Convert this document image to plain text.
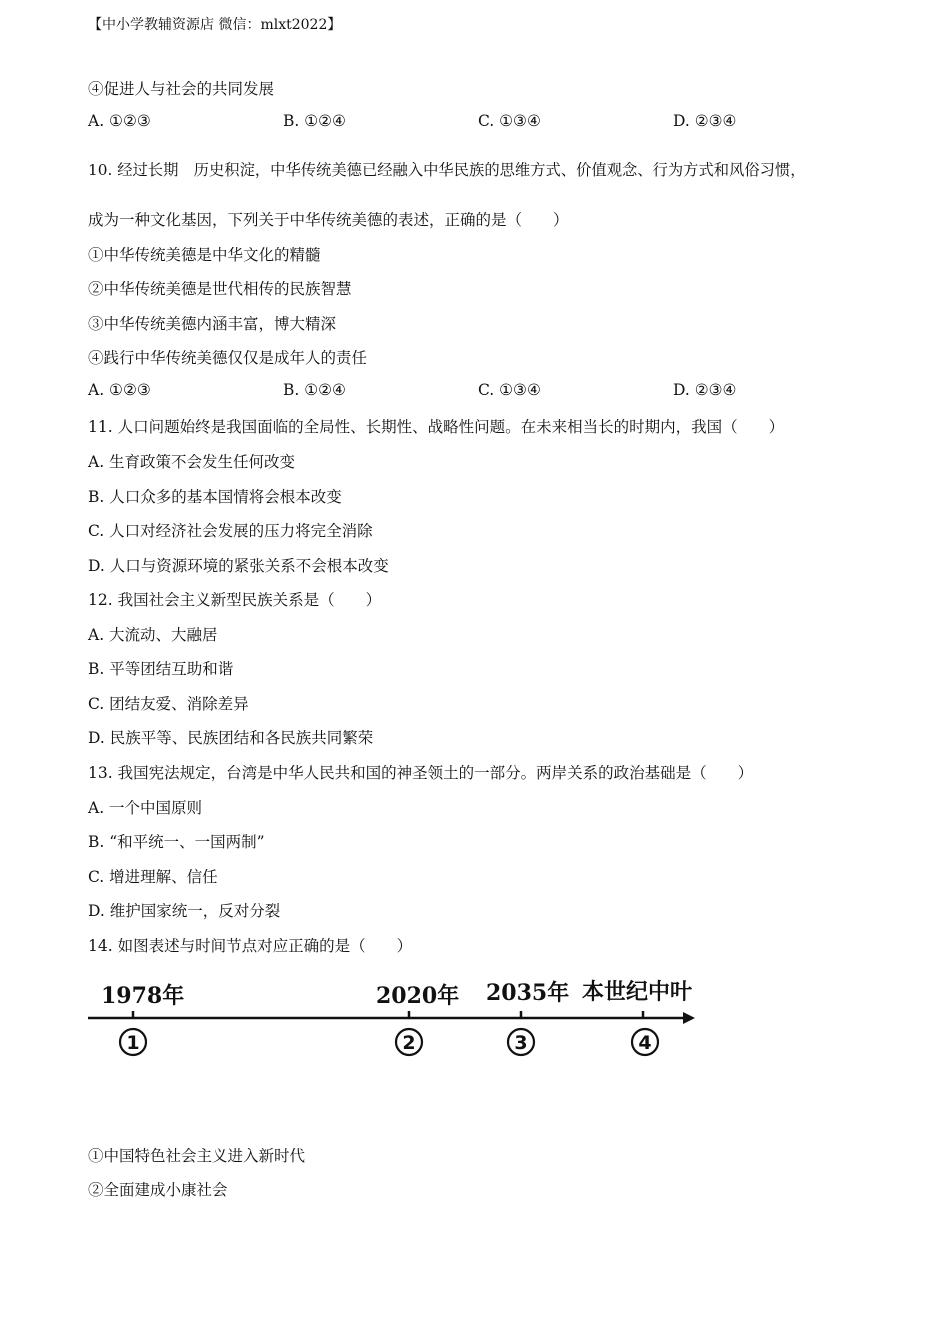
【中小学教辅资源店 微信：mlxt2022】
④促进人与社会的共同发展
A. ①②③	B. ①②④	C. ①③④	D. ②③④
10. 经过长期　历史积淀，中华传统美德已经融入中华民族的思维方式、价值观念、行为方式和风俗习惯，
成为一种文化基因，下列关于中华传统美德的表述，正确的是（　　）
①中华传统美德是中华文化的精髓
②中华传统美德是世代相传的民族智慧
③中华传统美德内涵丰富，博大精深
④践行中华传统美德仅仅是成年人的责任
A. ①②③	B. ①②④	C. ①③④	D. ②③④
11. 人口问题始终是我国面临的全局性、长期性、战略性问题。在未来相当长的时期内，我国（　　）
A. 生育政策不会发生任何改变
B. 人口众多的基本国情将会根本改变
C. 人口对经济社会发展的压力将完全消除
D. 人口与资源环境的紧张关系不会根本改变
12. 我国社会主义新型民族关系是（　　）
A. 大流动、大融居
B. 平等团结互助和谐
C. 团结友爱、消除差异
D. 民族平等、民族团结和各民族共同繁荣
13. 我国宪法规定，台湾是中华人民共和国的神圣领土的一部分。两岸关系的政治基础是（　　）
A. 一个中国原则
B. “和平统一、一国两制”
C. 增进理解、信任
D. 维护国家统一，反对分裂
14. 如图表述与时间节点对应正确的是（　　）
1978年	2020年 2035年 本世纪中叶
1	2	3	4
①中国特色社会主义进入新时代
②全面建成小康社会
